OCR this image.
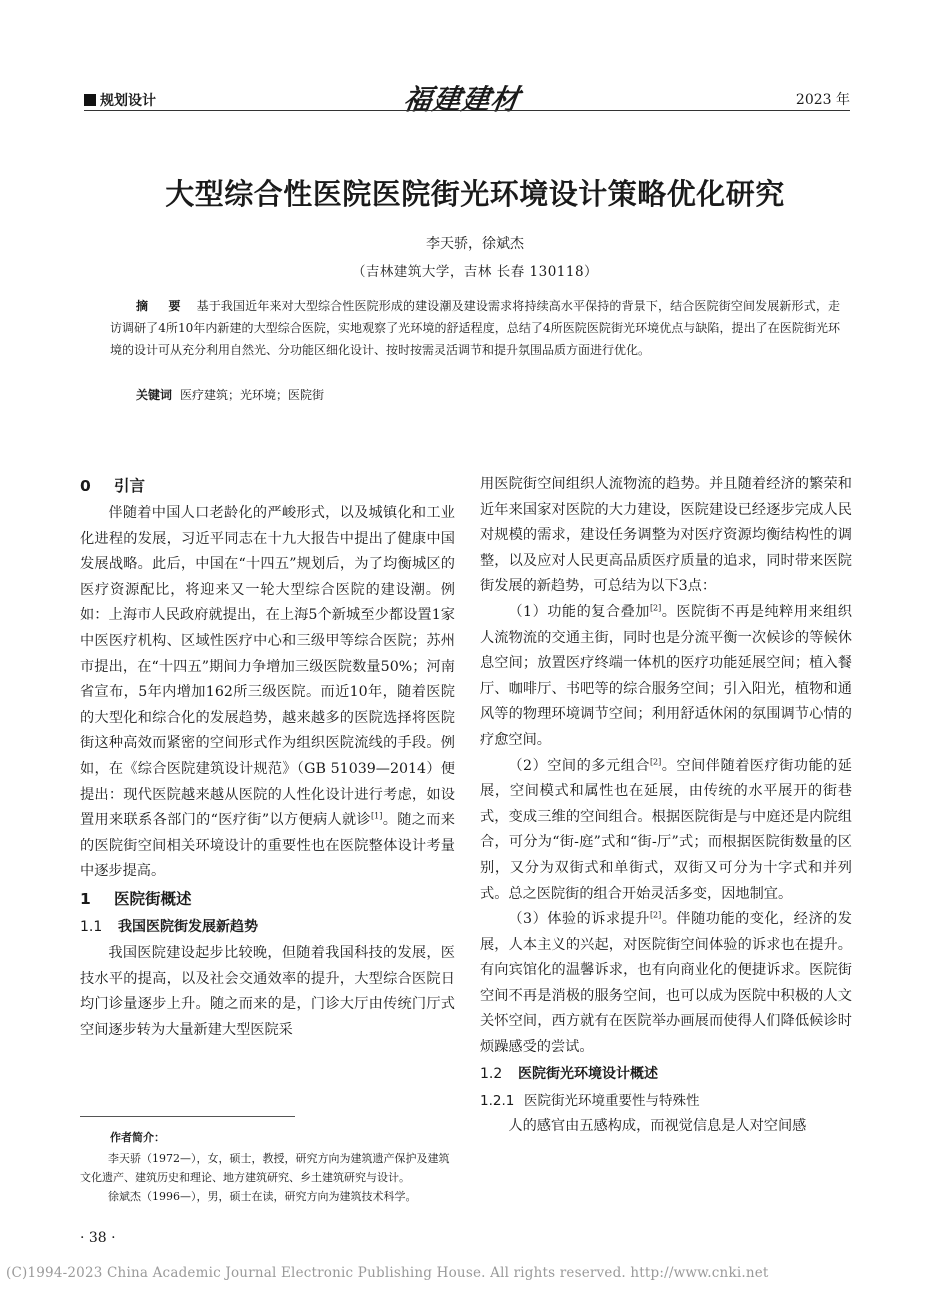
规划设计	福建建材	2023 年
大型综合性医院医院街光环境设计策略优化研究
李天骄，徐斌杰
（吉林建筑大学，吉林 长春 130118）
摘 要 基于我国近年来对大型综合性医院形成的建设潮及建设需求将持续高水平保持的背景下，结合医院街空间发展新形式，走访调研了4所10年内新建的大型综合医院，实地观察了光环境的舒适程度，总结了4所医院医院街光环境优点与缺陷，提出了在医院街光环境的设计可从充分利用自然光、分功能区细化设计、按时按需灵活调节和提升氛围品质方面进行优化。
关键词 医疗建筑；光环境；医院街
0 引言

伴随着中国人口老龄化的严峻形式，以及城镇化和工业化进程的发展，习近平同志在十九大报告中提出了健康中国发展战略。此后，中国在“十四五”规划后，为了均衡城区的医疗资源配比，将迎来又一轮大型综合医院的建设潮。例如：上海市人民政府就提出，在上海5个新城至少都设置1家中医医疗机构、区域性医疗中心和三级甲等综合医院；苏州市提出，在“十四五”期间力争增加三级医院数量50%；河南省宣布，5年内增加162所三级医院。而近10年，随着医院的大型化和综合化的发展趋势，越来越多的医院选择将医院街这种高效而紧密的空间形式作为组织医院流线的手段。例如，在《综合医院建筑设计规范》（GB 51039—2014）便提出：现代医院越来越从医院的人性化设计进行考虑，如设置用来联系各部门的“医疗街”以方便病人就诊[1]。随之而来的医院街空间相关环境设计的重要性也在医院整体设计考量中逐步提高。

1 医院街概述
1.1 我国医院街发展新趋势

我国医院建设起步比较晚，但随着我国科技的发展，医技水平的提高，以及社会交通效率的提升，大型综合医院日均门诊量逐步上升。随之而来的是，门诊大厅由传统门厅式空间逐步转为大量新建大型医院采

用医院街空间组织人流物流的趋势。并且随着经济的繁荣和近年来国家对医院的大力建设，医院建设已经逐步完成人民对规模的需求，建设任务调整为对医疗资源均衡结构性的调整，以及应对人民更高品质医疗质量的追求，同时带来医院街发展的新趋势，可总结为以下3点：

（1）功能的复合叠加[2]。医院街不再是纯粹用来组织人流物流的交通主街，同时也是分流平衡一次候诊的等候休息空间；放置医疗终端一体机的医疗功能延展空间；植入餐厅、咖啡厅、书吧等的综合服务空间；引入阳光，植物和通风等的物理环境调节空间；利用舒适休闲的氛围调节心情的疗愈空间。

（2）空间的多元组合[2]。空间伴随着医疗街功能的延展，空间模式和属性也在延展，由传统的水平展开的街巷式，变成三维的空间组合。根据医院街是与中庭还是内院组合，可分为“街-庭”式和“街-厅”式；而根据医院街数量的区别，又分为双街式和单街式，双街又可分为十字式和并列式。总之医院街的组合开始灵活多变，因地制宜。

（3）体验的诉求提升[2]。伴随功能的变化，经济的发展，人本主义的兴起，对医院街空间体验的诉求也在提升。有向宾馆化的温馨诉求，也有向商业化的便捷诉求。医院街空间不再是消极的服务空间，也可以成为医院中积极的人文关怀空间，西方就有在医院举办画展而使得人们降低候诊时烦躁感受的尝试。

1.2 医院街光环境设计概述
1.2.1 医院街光环境重要性与特殊性

人的感官由五感构成，而视觉信息是人对空间感

作者简介：
李天骄（1972—），女，硕士，教授，研究方向为建筑遗产保护及建筑文化遗产、建筑历史和理论、地方建筑研究、乡土建筑研究与设计。
徐斌杰（1996—），男，硕士在读，研究方向为建筑技术科学。
· 38 ·
(C)1994-2023 China Academic Journal Electronic Publishing House. All rights reserved. http://www.cnki.net
